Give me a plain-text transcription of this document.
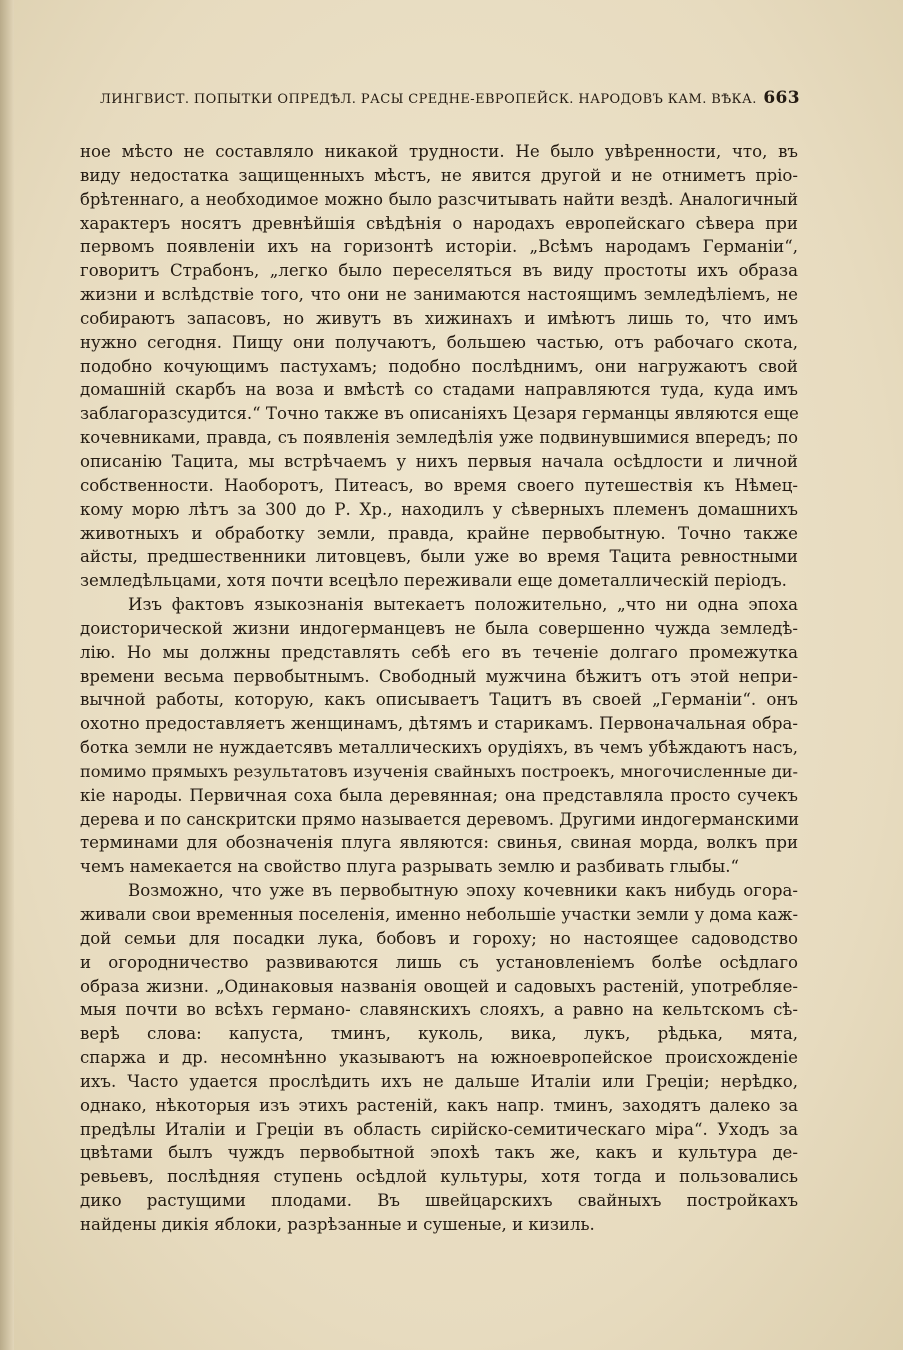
ЛИНГВИСТ. ПОПЫТКИ ОПРЕДѢЛ. РАСЫ СРЕДНЕ-ЕВРОПЕЙСК. НАРОДОВЪ КАМ. ВѢКА. 663
ное мѣсто не составляло никакой трудности. Не было увѣренности, что, въ
виду недостатка защищенныхъ мѣстъ, не явится другой и не отниметъ пріо-
брѣтеннаго, а необходимое можно было разсчитывать найти вездѣ. Аналогичный
характеръ носятъ древнѣйшія свѣдѣнія о народахъ европейскаго сѣвера при
первомъ появленіи ихъ на горизонтѣ исторіи. „Всѣмъ народамъ Германіи“,
говоритъ Страбонъ, „легко было переселяться въ виду простоты ихъ образа
жизни и вслѣдствіе того, что они не занимаются настоящимъ земледѣліемъ, не
собираютъ запасовъ, но живутъ въ хижинахъ и имѣютъ лишь то, что имъ
нужно сегодня. Пищу они получаютъ, большею частью, отъ рабочаго скота,
подобно кочующимъ пастухамъ; подобно послѣднимъ, они нагружаютъ свой
домашній скарбъ на воза и вмѣстѣ со стадами направляются туда, куда имъ
заблагоразсудится.“ Точно также въ описаніяхъ Цезаря германцы являются еще
кочевниками, правда, съ появленія земледѣлія уже подвинувшимися впередъ; по
описанію Тацита, мы встрѣчаемъ у нихъ первыя начала осѣдлости и личной
собственности. Наоборотъ, Питеасъ, во время своего путешествія къ Нѣмец-
кому морю лѣтъ за 300 до Р. Хр., находилъ у сѣверныхъ племенъ домашнихъ
животныхъ и обработку земли, правда, крайне первобытную. Точно также
айсты, предшественники литовцевъ, были уже во время Тацита ревностными
земледѣльцами, хотя почти всецѣло переживали еще дометаллическій періодъ.
Изъ фактовъ языкознанія вытекаетъ положительно, „что ни одна эпоха
доисторической жизни индогерманцевъ не была совершенно чужда земледѣ-
лію. Но мы должны представлять себѣ его въ теченіе долгаго промежутка
времени весьма первобытнымъ. Свободный мужчина бѣжитъ отъ этой непри-
вычной работы, которую, какъ описываетъ Тацитъ въ своей „Германіи“. онъ
охотно предоставляетъ женщинамъ, дѣтямъ и старикамъ. Первоначальная обра-
ботка земли не нуждаетсявъ металлическихъ орудіяхъ, въ чемъ убѣждаютъ насъ,
помимо прямыхъ результатовъ изученія свайныхъ построекъ, многочисленные ди-
кіе народы. Первичная соха была деревянная; она представляла просто сучекъ
дерева и по санскритски прямо называется деревомъ. Другими индогерманскими
терминами для обозначенія плуга являются: свинья, свиная морда, волкъ при
чемъ намекается на свойство плуга разрывать землю и разбивать глыбы.“
Возможно, что уже въ первобытную эпоху кочевники какъ нибудь огора-
живали свои временныя поселенія, именно небольшіе участки земли у дома каж-
дой семьи для посадки лука, бобовъ и гороху; но настоящее садоводство
и огородничество развиваются лишь съ установленіемъ болѣе осѣдлаго
образа жизни. „Одинаковыя названія овощей и садовыхъ растеній, употребляе-
мыя почти во всѣхъ германо- славянскихъ слояхъ, а равно на кельтскомъ сѣ-
верѣ слова: капуста, тминъ, куколь, вика, лукъ, рѣдька, мята,
спаржа и др. несомнѣнно указываютъ на южноевропейское происхожденіе
ихъ. Часто удается прослѣдить ихъ не дальше Италіи или Греціи; нерѣдко,
однако, нѣкоторыя изъ этихъ растеній, какъ напр. тминъ, заходятъ далеко за
предѣлы Италіи и Греціи въ область сирійско-семитическаго міра“. Уходъ за
цвѣтами былъ чуждъ первобытной эпохѣ такъ же, какъ и культура де-
ревьевъ, послѣдняя ступень осѣдлой культуры, хотя тогда и пользовались
дико растущими плодами. Въ швейцарскихъ свайныхъ постройкахъ
найдены дикія яблоки, разрѣзанные и сушеные, и кизиль.
